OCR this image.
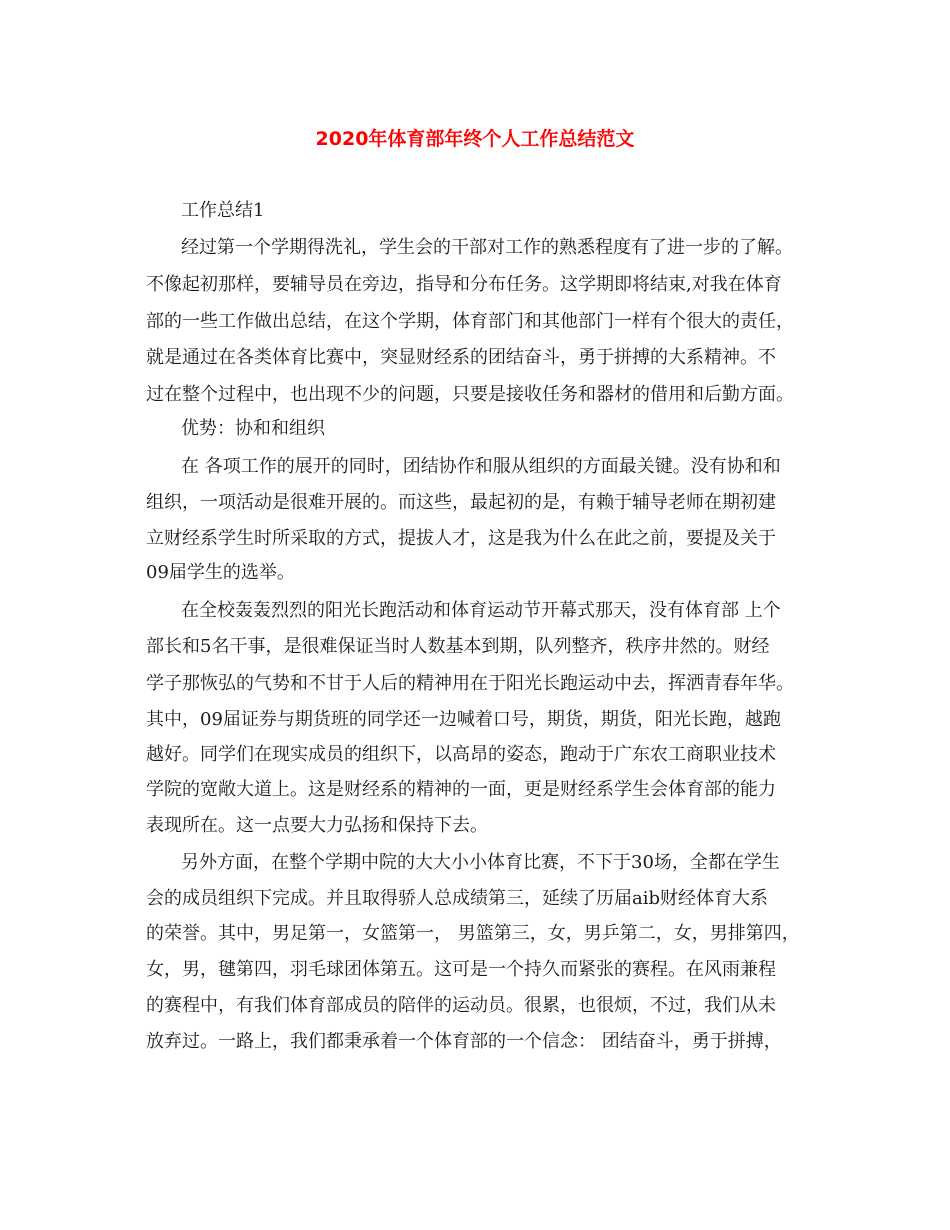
2020年体育部年终个人工作总结范文
工作总结1
经过第一个学期得洗礼，学生会的干部对工作的熟悉程度有了进一步的了解。
不像起初那样，要辅导员在旁边，指导和分布任务。这学期即将结束,对我在体育
部的一些工作做出总结，在这个学期，体育部门和其他部门一样有个很大的责任，
就是通过在各类体育比赛中，突显财经系的团结奋斗，勇于拼搏的大系精神。不
过在整个过程中，也出现不少的问题，只要是接收任务和器材的借用和后勤方面。
优势：协和和组织
在 各项工作的展开的同时，团结协作和服从组织的方面最关键。没有协和和
组织，一项活动是很难开展的。而这些，最起初的是，有赖于辅导老师在期初建
立财经系学生时所采取的方式，提拔人才，这是我为什么在此之前，要提及关于
09届学生的选举。
在全校轰轰烈烈的阳光长跑活动和体育运动节开幕式那天，没有体育部 上个
部长和5名干事，是很难保证当时人数基本到期，队列整齐，秩序井然的。财经
学子那恢弘的气势和不甘于人后的精神用在于阳光长跑运动中去，挥洒青春年华。
其中，09届证券与期货班的同学还一边喊着口号，期货，期货，阳光长跑，越跑
越好。同学们在现实成员的组织下，以高昂的姿态，跑动于广东农工商职业技术
学院的宽敞大道上。这是财经系的精神的一面，更是财经系学生会体育部的能力
表现所在。这一点要大力弘扬和保持下去。
另外方面，在整个学期中院的大大小小体育比赛，不下于30场，全都在学生
会的成员组织下完成。并且取得骄人总成绩第三，延续了历届aib财经体育大系
的荣誉。其中，男足第一，女篮第一， 男篮第三，女，男乒第二，女，男排第四，
女，男，毽第四，羽毛球团体第五。这可是一个持久而紧张的赛程。在风雨兼程
的赛程中，有我们体育部成员的陪伴的运动员。很累，也很烦，不过，我们从未
放弃过。一路上，我们都秉承着一个体育部的一个信念： 团结奋斗，勇于拼搏，
